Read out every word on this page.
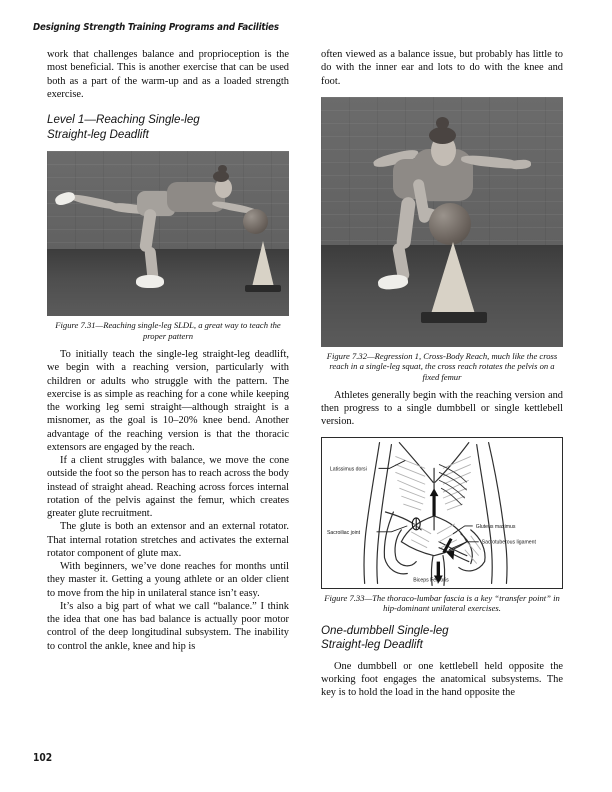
Designing Strength Training Programs and Facilities

work that challenges balance and proprioception is the most beneficial. This is another exercise that can be used both as a part of the warm-up and as a loaded strength exercise.

Level 1—Reaching Single-leg
Straight-leg Deadlift
Figure 7.31—Reaching single-leg SLDL, a great way to teach the proper pattern

To initially teach the single-leg straight-leg deadlift, we begin with a reaching version, particularly with children or adults who struggle with the pattern. The exercise is as simple as reaching for a cone while keeping the working leg semi straight—although straight is a misnomer, as the goal is 10–20% knee bend. Another advantage of the reaching version is that the thoracic extensors are engaged by the reach.

If a client struggles with balance, we move the cone outside the foot so the person has to reach across the body instead of straight ahead. Reaching across forces internal rotation of the pelvis against the femur, which creates greater glute recruitment.

The glute is both an extensor and an external rotator. That internal rotation stretches and activates the external rotator component of glute max.

With beginners, we’ve done reaches for months until they master it. Getting a young athlete or an older client to move from the hip in unilateral stance isn’t easy.

It’s also a big part of what we call “balance.” I think the idea that one has bad balance is actually poor motor control of the deep longitudinal subsystem. The inability to control the ankle, knee and hip is

often viewed as a balance issue, but probably has little to do with the inner ear and lots to do with the knee and foot.

Figure 7.32—Regression 1, Cross-Body Reach, much like the cross reach in a single-leg squat, the cross reach rotates the pelvis on a fixed femur

Athletes generally begin with the reaching version and then progress to a single dumbbell or single kettlebell version.

Latissimus dorsi
Sacroiliac joint
Gluteus maximus
Sacrotuberous ligament
Biceps Femoris
Figure 7.33—The thoraco-lumbar fascia is a key “transfer point” in hip-dominant unilateral exercises.
One-dumbbell Single-leg
Straight-leg Deadlift

One dumbbell or one kettlebell held opposite the working foot engages the anatomical subsystems. The key is to hold the load in the hand opposite the

102
